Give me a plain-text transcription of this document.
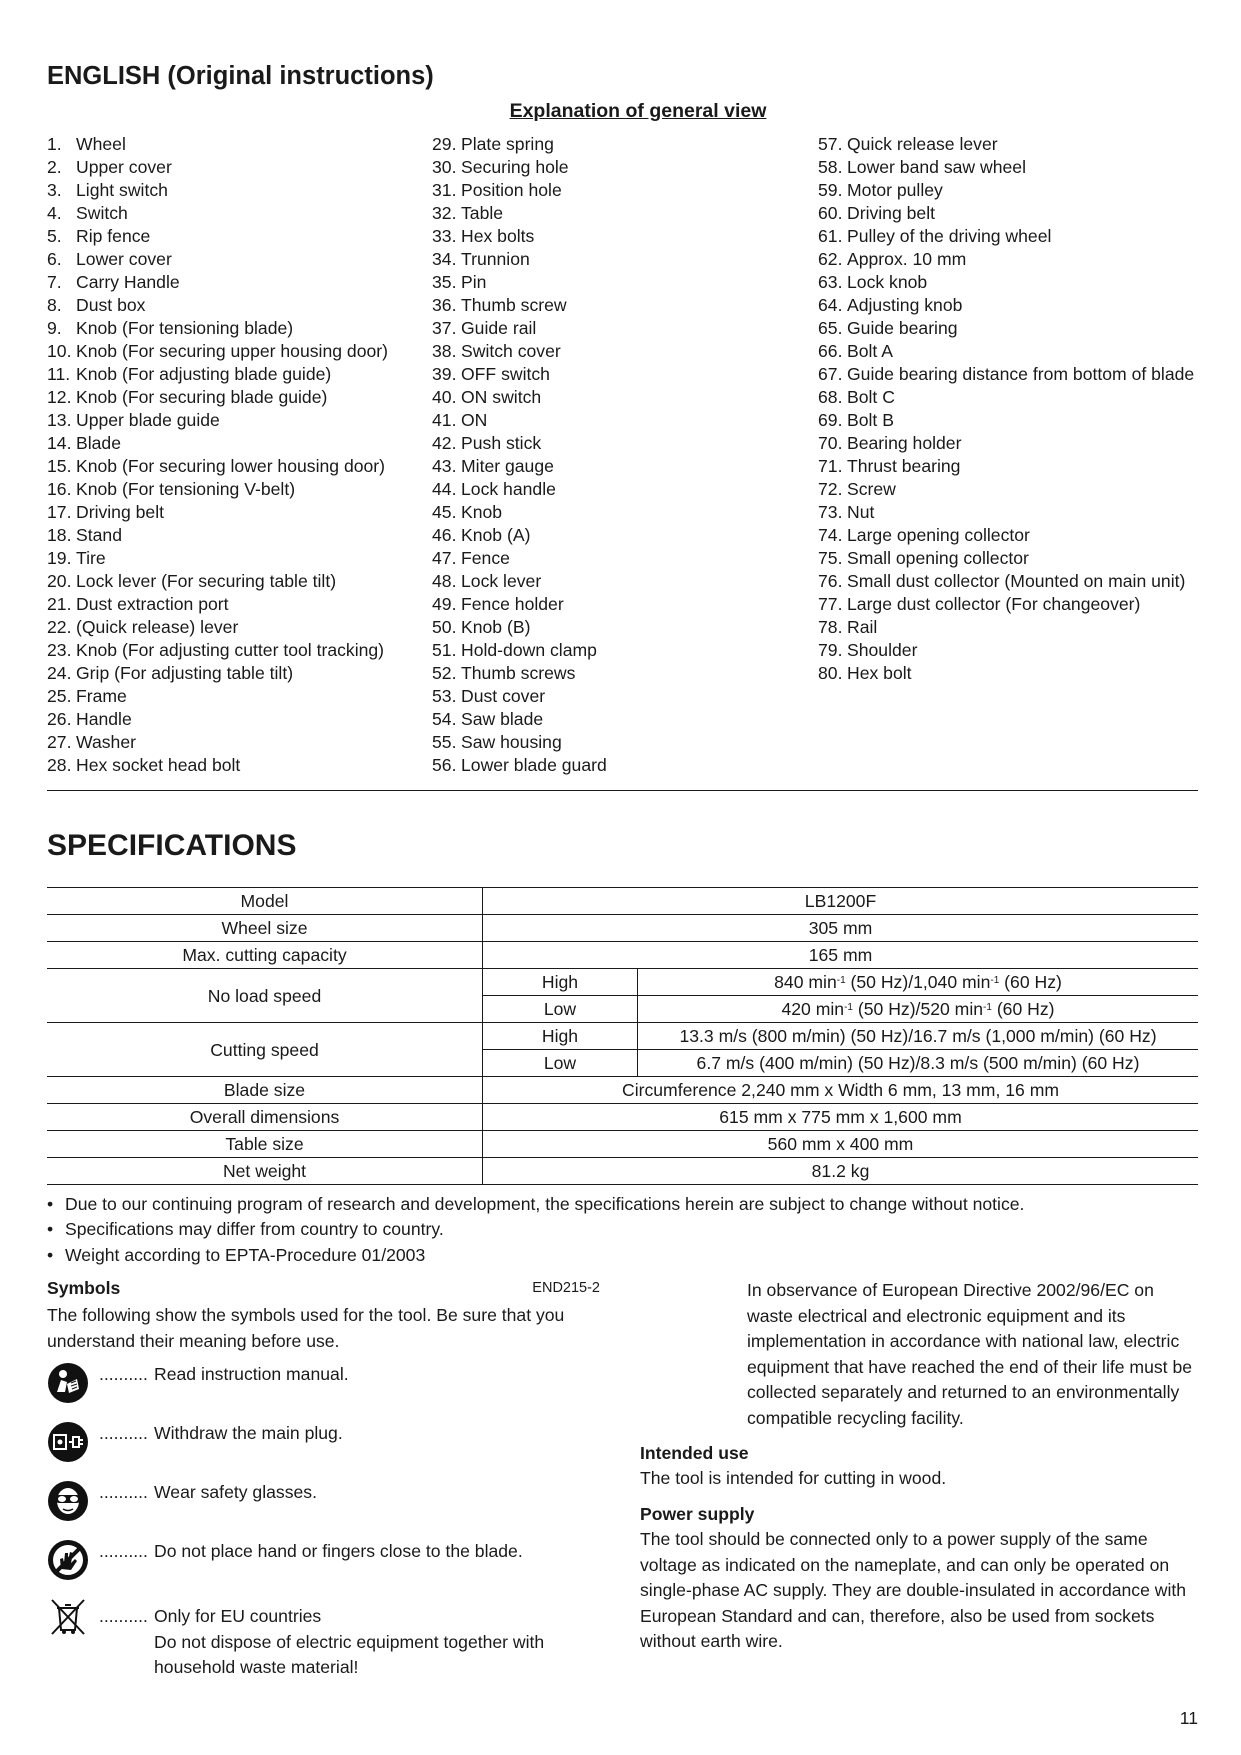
ENGLISH (Original instructions)
Explanation of general view
1. Wheel
2. Upper cover
3. Light switch
4. Switch
5. Rip fence
6. Lower cover
7. Carry Handle
8. Dust box
9. Knob (For tensioning blade)
10. Knob (For securing upper housing door)
11. Knob (For adjusting blade guide)
12. Knob (For securing blade guide)
13. Upper blade guide
14. Blade
15. Knob (For securing lower housing door)
16. Knob (For tensioning V-belt)
17. Driving belt
18. Stand
19. Tire
20. Lock lever (For securing table tilt)
21. Dust extraction port
22. (Quick release) lever
23. Knob (For adjusting cutter tool tracking)
24. Grip (For adjusting table tilt)
25. Frame
26. Handle
27. Washer
28. Hex socket head bolt
29. Plate spring
30. Securing hole
31. Position hole
32. Table
33. Hex bolts
34. Trunnion
35. Pin
36. Thumb screw
37. Guide rail
38. Switch cover
39. OFF switch
40. ON switch
41. ON
42. Push stick
43. Miter gauge
44. Lock handle
45. Knob
46. Knob (A)
47. Fence
48. Lock lever
49. Fence holder
50. Knob (B)
51. Hold-down clamp
52. Thumb screws
53. Dust cover
54. Saw blade
55. Saw housing
56. Lower blade guard
57. Quick release lever
58. Lower band saw wheel
59. Motor pulley
60. Driving belt
61. Pulley of the driving wheel
62. Approx. 10 mm
63. Lock knob
64. Adjusting knob
65. Guide bearing
66. Bolt A
67. Guide bearing distance from bottom of blade
68. Bolt C
69. Bolt B
70. Bearing holder
71. Thrust bearing
72. Screw
73. Nut
74. Large opening collector
75. Small opening collector
76. Small dust collector (Mounted on main unit)
77. Large dust collector (For changeover)
78. Rail
79. Shoulder
80. Hex bolt
SPECIFICATIONS
Model	LB1200F	
Wheel size	305 mm	
Max. cutting capacity	165 mm	
No load speed	High	840 $\min^{-1} (50$ Hz)/1,040 $\min^{-1} (60$ Hz)
	Low	420 $\min^{-1} (50$ Hz)/520 $\min^{-1} (60$ Hz)
Cutting speed	High	13.3 m/s (800 m/min) (50 Hz)/16.7 m/s (1,000 m/min) (60 Hz)
	Low	6.7 m/s (400 m/min) (50 Hz)/8.3 m/s (500 m/min) (60 Hz)
Blade size	Circumference 2,240 mm x Width 6 mm, 13 mm, 16 mm	
Overall dimensions	615 mm x 775 mm x 1,600 mm	
Table size	560 mm x 400 mm	
Net weight	81.2 kg	
• Due to our continuing program of research and development, the specifications herein are subject to change without notice.
• Specifications may differ from country to country.
• Weight according to EPTA-Procedure 01/2003
Symbols	END215-2
The following show the symbols used for the tool. Be sure that you understand their meaning before use.
.......... Read instruction manual.
.......... Withdraw the main plug.
.......... Wear safety glasses.
.......... Do not place hand or fingers close to the blade.
.......... Only for EU countries
Do not dispose of electric equipment together with household waste material!
In observance of European Directive 2002/96/EC on waste electrical and electronic equipment and its implementation in accordance with national law, electric equipment that have reached the end of their life must be collected separately and returned to an environmentally compatible recycling facility.
Intended use
The tool is intended for cutting in wood.
Power supply
The tool should be connected only to a power supply of the same voltage as indicated on the nameplate, and can only be operated on single-phase AC supply. They are double-insulated in accordance with European Standard and can, therefore, also be used from sockets without earth wire.
11
